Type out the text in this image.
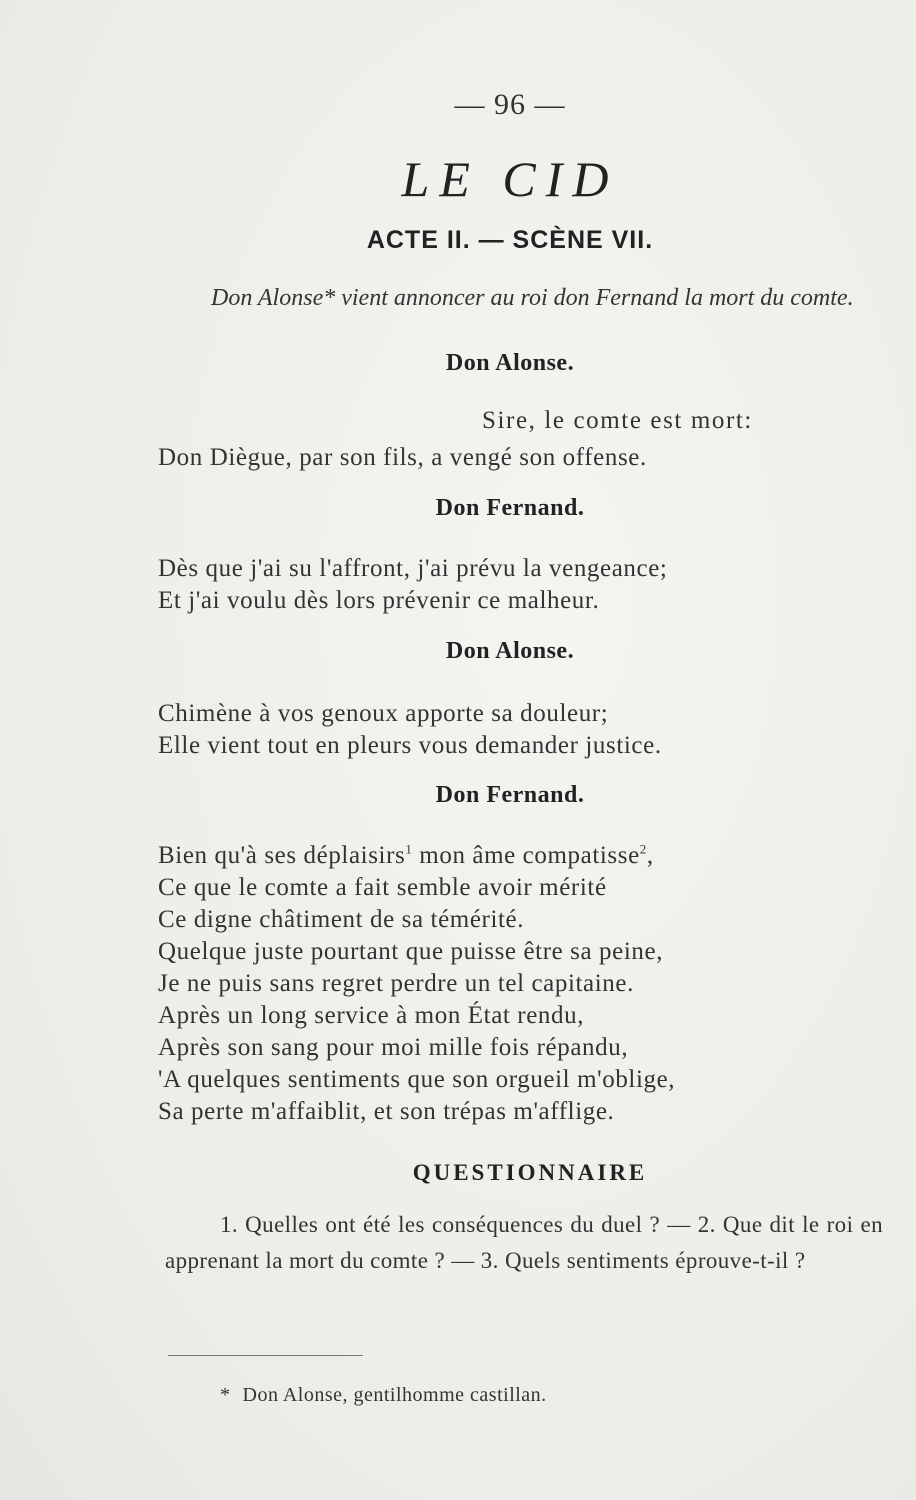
— 96 —
LE CID
ACTE II. — SCÈNE VII.
Don Alonse* vient annoncer au roi don Fernand la mort du comte.
Don Alonse.
Sire, le comte est mort:
Don Diègue, par son fils, a vengé son offense.
Don Fernand.
Dès que j'ai su l'affront, j'ai prévu la vengeance;
Et j'ai voulu dès lors prévenir ce malheur.
Don Alonse.
Chimène à vos genoux apporte sa douleur;
Elle vient tout en pleurs vous demander justice.
Don Fernand.
Bien qu'à ses déplaisirs$^1$ mon âme compatisse$^2$,
Ce que le comte a fait semble avoir mérité
Ce digne châtiment de sa témérité.
Quelque juste pourtant que puisse être sa peine,
Je ne puis sans regret perdre un tel capitaine.
Après un long service à mon État rendu,
Après son sang pour moi mille fois répandu,
'A quelques sentiments que son orgueil m'oblige,
Sa perte m'affaiblit, et son trépas m'afflige.
QUESTIONNAIRE
1. Quelles ont été les conséquences du duel ? — 2. Que dit le roi en apprenant la mort du comte ? — 3. Quels sentiments éprouve-t-il ?
* Don Alonse, gentilhomme castillan.
